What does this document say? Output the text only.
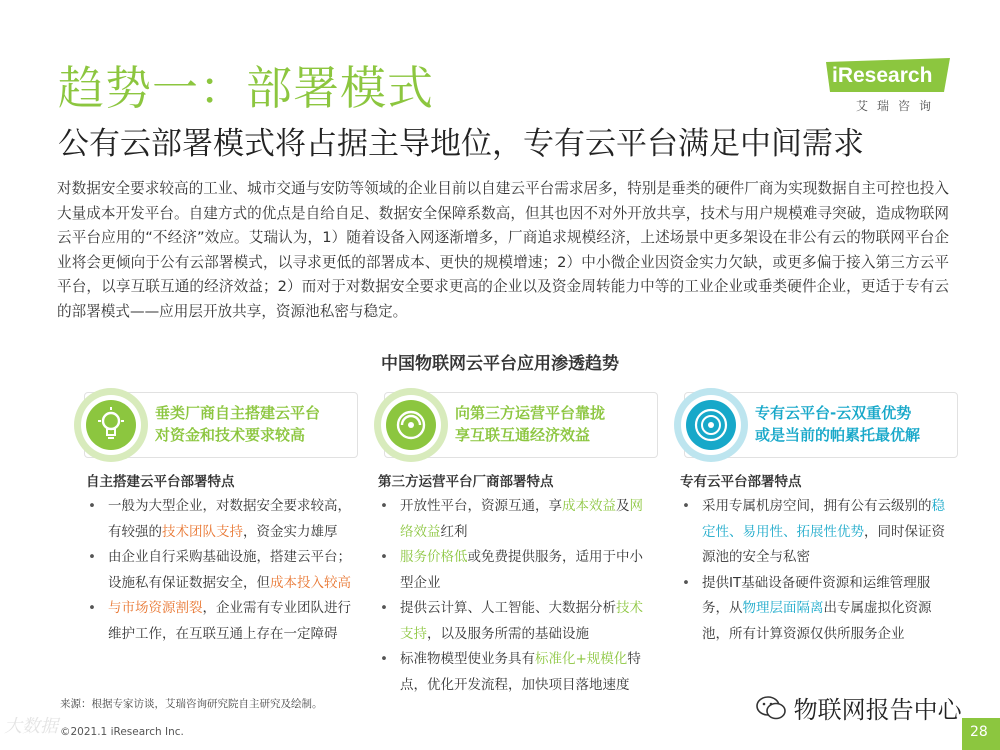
趋势一：部署模式
公有云部署模式将占据主导地位，专有云平台满足中间需求
iResearch
艾瑞咨询

对数据安全要求较高的工业、城市交通与安防等领域的企业目前以自建云平台需求居多，特别是垂类的硬件厂商为实现数据自主可控也投入大量成本开发平台。自建方式的优点是自给自足、数据安全保障系数高，但其也因不对外开放共享，技术与用户规模难寻突破，造成物联网云平台应用的“不经济”效应。艾瑞认为，1）随着设备入网逐渐增多，厂商追求规模经济，上述场景中更多架设在非公有云的物联网平台企业将会更倾向于公有云部署模式，以寻求更低的部署成本、更快的规模增速；2）中小微企业因资金实力欠缺，或更多偏于接入第三方云平平台，以享互联互通的经济效益；2）而对于对数据安全要求更高的企业以及资金周转能力中等的工业企业或垂类硬件企业，更适于专有云的部署模式——应用层开放共享，资源池私密与稳定。

中国物联网云平台应用渗透趋势
垂类厂商自主搭建云平台
对资金和技术要求较高
向第三方运营平台靠拢
享互联互通经济效益
专有云平台-云双重优势
或是当前的帕累托最优解
自主搭建云平台部署特点
• 一般为大型企业，对数据安全要求较高，有较强的技术团队支持，资金实力雄厚
• 由企业自行采购基础设施，搭建云平台；设施私有保证数据安全，但成本投入较高
• 与市场资源割裂，企业需有专业团队进行维护工作，在互联互通上存在一定障碍
第三方运营平台厂商部署特点
• 开放性平台，资源互通，享成本效益及网络效益红利
• 服务价格低或免费提供服务，适用于中小型企业
• 提供云计算、人工智能、大数据分析技术支持，以及服务所需的基础设施
• 标准物模型使业务具有标准化+规模化特点，优化开发流程，加快项目落地速度
专有云平台部署特点
• 采用专属机房空间，拥有公有云级别的稳定性、易用性、拓展性优势，同时保证资源池的安全与私密
• 提供IT基础设备硬件资源和运维管理服务，从物理层面隔离出专属虚拟化资源池，所有计算资源仅供所服务企业
来源：根据专家访谈，艾瑞咨询研究院自主研究及绘制。
©2021.1 iResearch Inc.
大数据
物联网报告中心
28
